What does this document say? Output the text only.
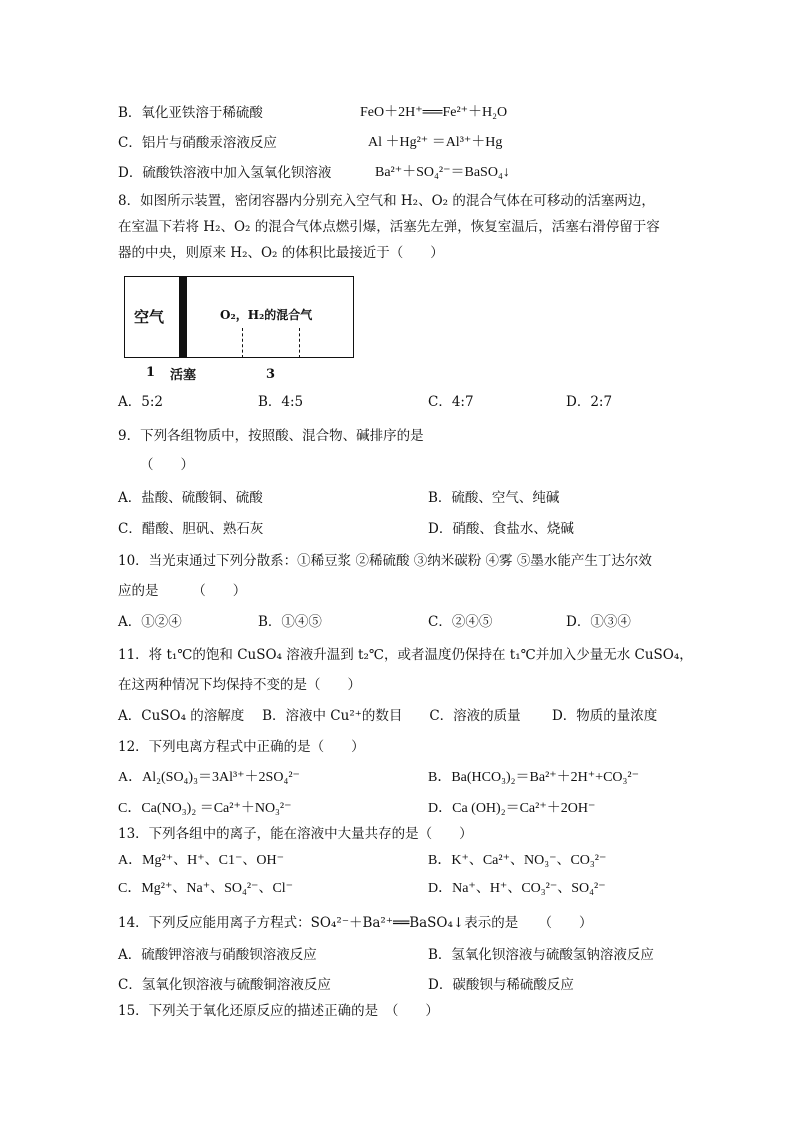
B．氧化亚铁溶于稀硫酸	FeO＋2H⁺══Fe²⁺＋H₂O
C．铝片与硝酸汞溶液反应	Al ＋Hg²⁺ ＝Al³⁺＋Hg
D．硫酸铁溶液中加入氢氧化钡溶液	Ba²⁺＋SO₄²⁻＝BaSO₄↓
8．如图所示装置，密闭容器内分别充入空气和 H₂、O₂ 的混合气体在可移动的活塞两边，
在室温下若将 H₂、O₂ 的混合气体点燃引爆，活塞先左弹，恢复室温后，活塞右滑停留于容
器的中央，则原来 H₂、O₂ 的体积比最接近于（　　）
空气	O₂，H₂的混合气
1 活塞	3
A．5:2	B．4:5	C．4:7	D．2:7
9．下列各组物质中，按照酸、混合物、碱排序的是
（　　）
A．盐酸、硫酸铜、硫酸	B．硫酸、空气、纯碱
C．醋酸、胆矾、熟石灰	D．硝酸、食盐水、烧碱
10．当光束通过下列分散系：①稀豆浆 ②稀硫酸 ③纳米碳粉 ④雾 ⑤墨水能产生丁达尔效
应的是　　　（　　）
A．①②④	B．①④⑤	C．②④⑤	D．①③④
11．将 t₁℃的饱和 CuSO₄ 溶液升温到 t₂℃，或者温度仍保持在 t₁℃并加入少量无水 CuSO₄，
在这两种情况下均保持不变的是（　　）
A．CuSO₄ 的溶解度　 B．溶液中 Cu²⁺的数目　　C．溶液的质量　　 D．物质的量浓度
12．下列电离方程式中正确的是（　　）
A．Al₂(SO₄)₃＝3Al³⁺＋2SO₄²⁻	B．Ba(HCO₃)₂＝Ba²⁺＋2H⁺+CO₃²⁻
C．Ca(NO₃)₂ ＝Ca²⁺＋NO₃²⁻	D．Ca (OH)₂＝Ca²⁺＋2OH⁻
13．下列各组中的离子，能在溶液中大量共存的是（　　）
A．Mg²⁺、H⁺、C1⁻、OH⁻	B．K⁺、Ca²⁺、NO₃⁻、CO₃²⁻
C．Mg²⁺、Na⁺、SO₄²⁻、Cl⁻	D．Na⁺、H⁺、CO₃²⁻、SO₄²⁻
14．下列反应能用离子方程式：SO₄²⁻＋Ba²⁺══BaSO₄↓表示的是　　（　　）
A．硫酸钾溶液与硝酸钡溶液反应	B．氢氧化钡溶液与硫酸氢钠溶液反应
C．氢氧化钡溶液与硫酸铜溶液反应	D．碳酸钡与稀硫酸反应
15．下列关于氧化还原反应的描述正确的是　（　　）
